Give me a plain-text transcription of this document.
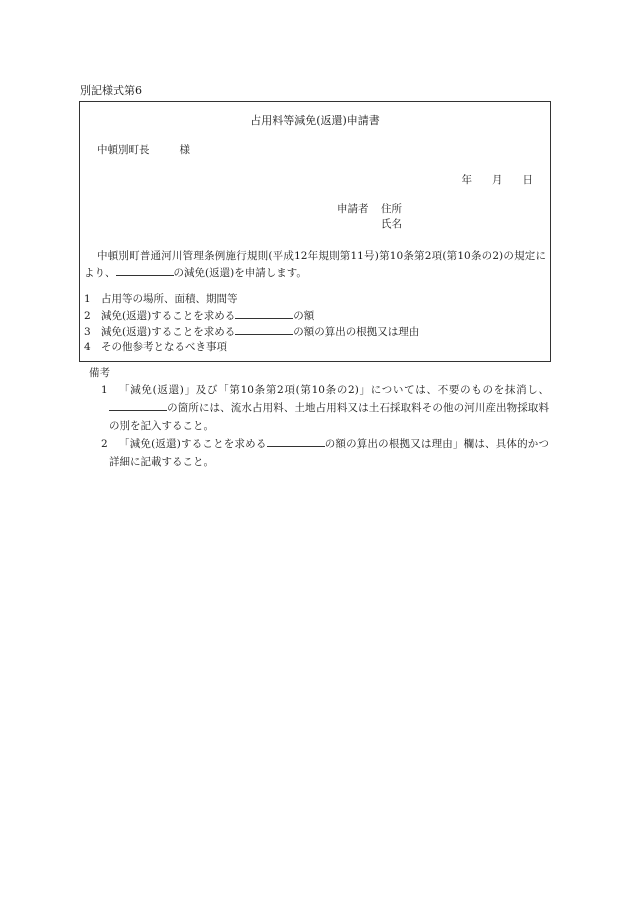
別記様式第6
占用料等減免(返還)申請書
中頓別町長	様
年 月 日
申請者 住所
氏名
中頓別町普通河川管理条例施行規則(平成12年規則第11号)第10条第2項(第10条の2)の規定により、	の減免(返還)を申請します。
1 占用等の場所、面積、期間等
2 減免(返還)することを求める	の額
3 減免(返還)することを求める	の額の算出の根拠又は理由
4 その他参考となるべき事項
備考
1	「減免(返還)」及び「第10条第2項(第10条の2)」については、不要のものを抹消し、の箇所には、流水占用料、土地占用料又は土石採取料その他の河川産出物採取料の別を記入すること。
2	「減免(返還)することを求める	の額の算出の根拠又は理由」欄は、具体的かつ詳細に記載すること。
